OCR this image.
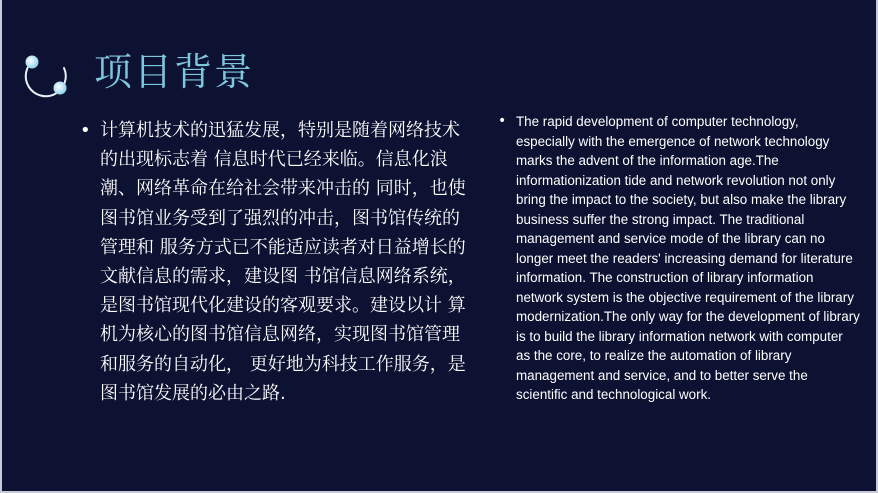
项目背景
• 计算机技术的迅猛发展，特别是随着网络技术的出现标志着 信息时代已经来临。信息化浪潮、网络革命在给社会带来冲击的 同时，也使图书馆业务受到了强烈的冲击，图书馆传统的管理和 服务方式已不能适应读者对日益增长的文献信息的需求，建设图 书馆信息网络系统，是图书馆现代化建设的客观要求。建设以计 算机为核心的图书馆信息网络，实现图书馆管理和服务的自动化， 更好地为科技工作服务，是图书馆发展的必由之路.
• The rapid development of computer technology, especially with the emergence of network technology marks the advent of the information age.The informationization tide and network revolution not only bring the impact to the society, but also make the library business suffer the strong impact. The traditional management and service mode of the library can no longer meet the readers' increasing demand for literature information. The construction of library information network system is the objective requirement of the library modernization.The only way for the development of library is to build the library information network with computer as the core, to realize the automation of library management and service, and to better serve the scientific and technological work.
